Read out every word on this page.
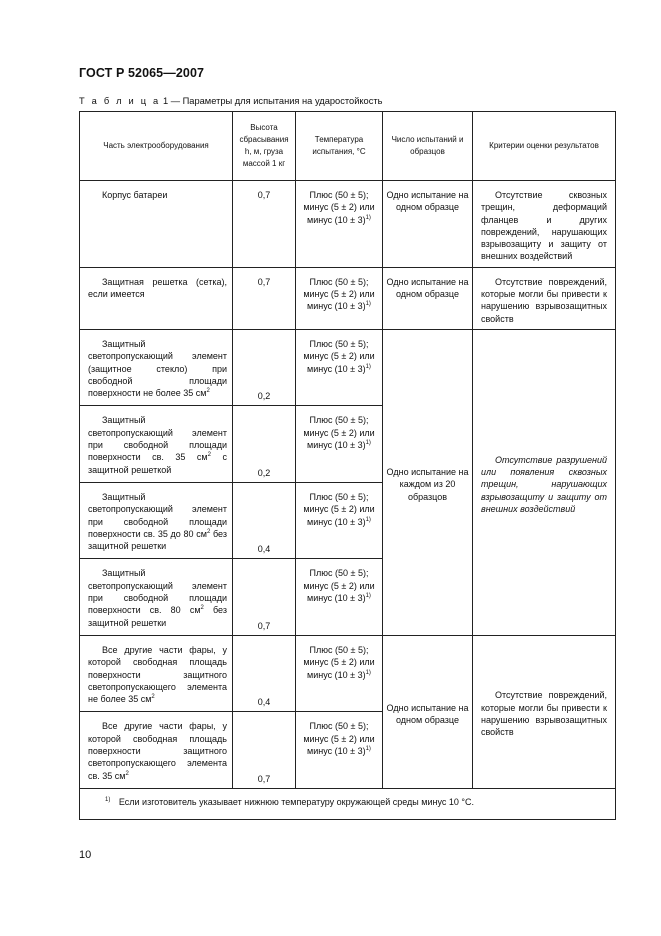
ГОСТ Р 52065—2007
Т а б л и ц а 1 — Параметры для испытания на ударостойкость
Часть электрооборудования	Высота сбрасывания h, м, груза массой 1 кг	Температура испытания, °С	Число испытаний и образцов	Критерии оценки результатов

Корпус батареи	0,7	Плюс (50 ± 5);
минус (5 ± 2) или
минус $(10 \pm 3)^{1)}$	Одно испытание на одном образце	Отсутствие сквозных трещин, деформаций фланцев и других повреждений, нарушающих взрывозащиту и защиту от внешних воздействий

Защитная решетка (сетка), если имеется	0,7	Плюс (50 ± 5);
минус (5 ± 2) или
минус $(10 \pm 3)^{1)}$	Одно испытание на одном образце	Отсутствие повреждений, которые могли бы привести к нарушению взрывозащитных свойств

Защитный светопропускающий элемент (защитное стекло) при свободной площади поверхности не более 35 $см^2$	0,2	Плюс (50 ± 5);
минус (5 ± 2) или
минус $(10 \pm 3)^{1)}$	Одно испытание на каждом из 20 образцов	Отсутствие разрушений или появления сквозных трещин, нарушающих взрывозащиту и защиту от внешних воздействий

Защитный светопропускающий элемент при свободной площади поверхности св. 35 $см^2$ с защитной решеткой	0,2	Плюс (50 ± 5);
минус (5 ± 2) или
минус $(10 \pm 3)^{1)}$

Защитный светопропускающий элемент при свободной площади поверхности св. 35 до 80 $см^2$ без защитной решетки	0,4	Плюс (50 ± 5);
минус (5 ± 2) или
минус $(10 \pm 3)^{1)}$

Защитный светопропускающий элемент при свободной площади поверхности св. 80 $см^2$ без защитной решетки	0,7	Плюс (50 ± 5);
минус (5 ± 2) или
минус $(10 \pm 3)^{1)}$

Все другие части фары, у которой свободная площадь поверхности защитного светопропускающего элемента не более 35 $см^2$	0,4	Плюс (50 ± 5);
минус (5 ± 2) или
минус $(10 \pm 3)^{1)}$	Одно испытание на одном образце	Отсутствие повреждений, которые могли бы привести к нарушению взрывозащитных свойств

Все другие части фары, у которой свободная площадь поверхности защитного светопропускающего элемента св. 35 $см^2$	0,7	Плюс (50 ± 5);
минус (5 ± 2) или
минус $(10 \pm 3)^{1)}$
$^{1)}$ Если изготовитель указывает нижнюю температуру окружающей среды минус 10 °С.				
10
